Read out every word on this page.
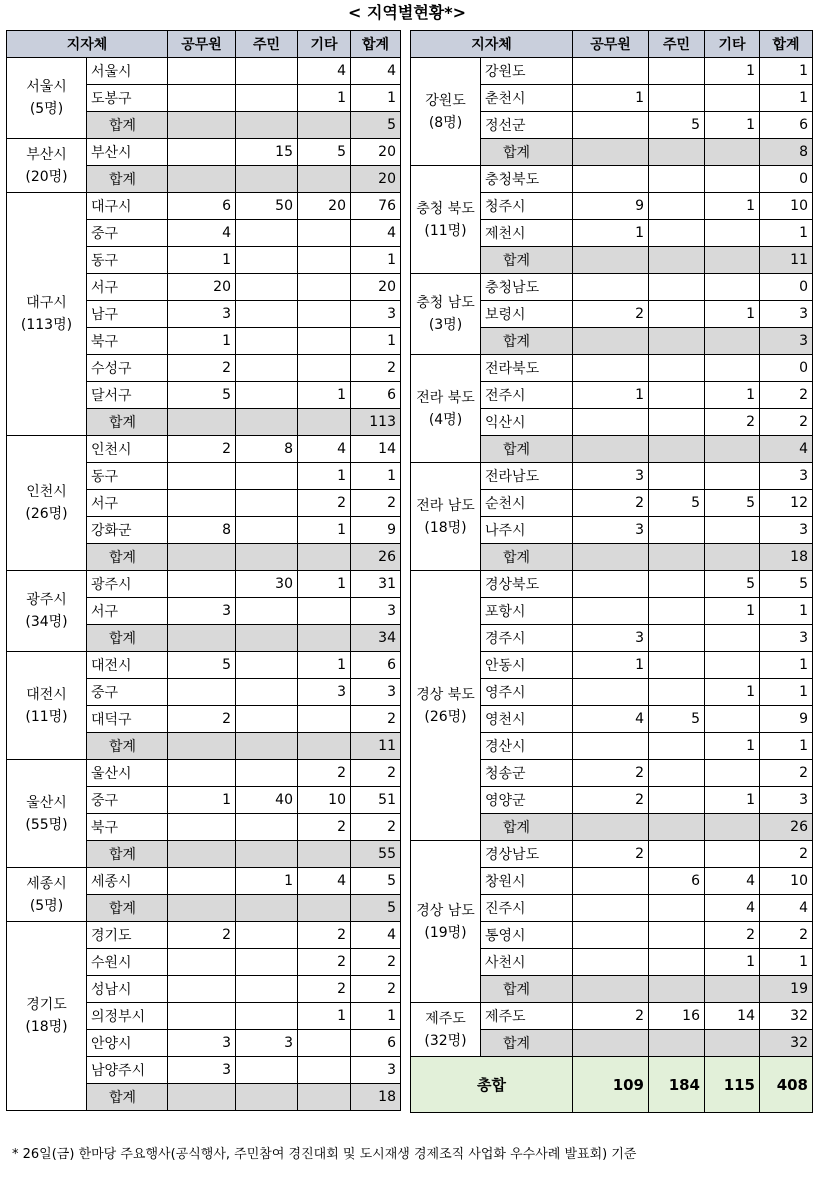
< 지역별현황*>
지자체		공무원	주민	기타	합계

서울시
(5명)	서울시			4	4
	도봉구			1	1
	합계				5

부산시
(20명)	부산시		15	5	20
	합계				20

대구시
(113명)	대구시	6	50	20	76
	중구	4			4
	동구	1			1
	서구	20			20
	남구	3			3
	북구	1			1
	수성구	2			2
	달서구	5		1	6
	합계				113

인천시
(26명)	인천시	2	8	4	14
	동구			1	1
	서구			2	2
	강화군	8		1	9
	합계				26

광주시
(34명)	광주시		30	1	31
	서구	3			3
	합계				34

대전시
(11명)	대전시	5		1	6
	중구			3	3
	대덕구	2			2
	합계				11

울산시
(55명)	울산시			2	2
	중구	1	40	10	51
	북구			2	2
	합계				55

세종시
(5명)	세종시		1	4	5
	합계				5

경기도
(18명)	경기도	2		2	4
	수원시			2	2
	성남시			2	2
	의정부시			1	1
	안양시	3	3		6
	남양주시	3			3
	합계				18
지자체		공무원	주민	기타	합계

강원도
(8명)	강원도			1	1
	춘천시	1			1
	정선군		5	1	6
	합계				8

충청 북도
(11명)	충청북도				0
	청주시	9		1	10
	제천시	1			1
	합계				11

충청 남도
(3명)	충청남도				0
	보령시	2		1	3
	합계				3

전라 북도
(4명)	전라북도				0
	전주시	1		1	2
	익산시			2	2
	합계				4

전라 남도
(18명)	전라남도	3			3
	순천시	2	5	5	12
	나주시	3			3
	합계				18

경상 북도
(26명)	경상북도			5	5
	포항시			1	1
	경주시	3			3
	안동시	1			1
	영주시			1	1
	영천시	4	5		9
	경산시			1	1
	청송군	2			2
	영양군	2		1	3
	합계				26

경상 남도
(19명)	경상남도	2			2
	창원시		6	4	10
	진주시			4	4
	통영시			2	2
	사천시			1	1
	합계				19

제주도
(32명)	제주도	2	16	14	32
	합계				32
총합		109	184	115	408
* 26일(금) 한마당 주요행사(공식행사, 주민참여 경진대회 및 도시재생 경제조직 사업화 우수사례 발표회) 기준
